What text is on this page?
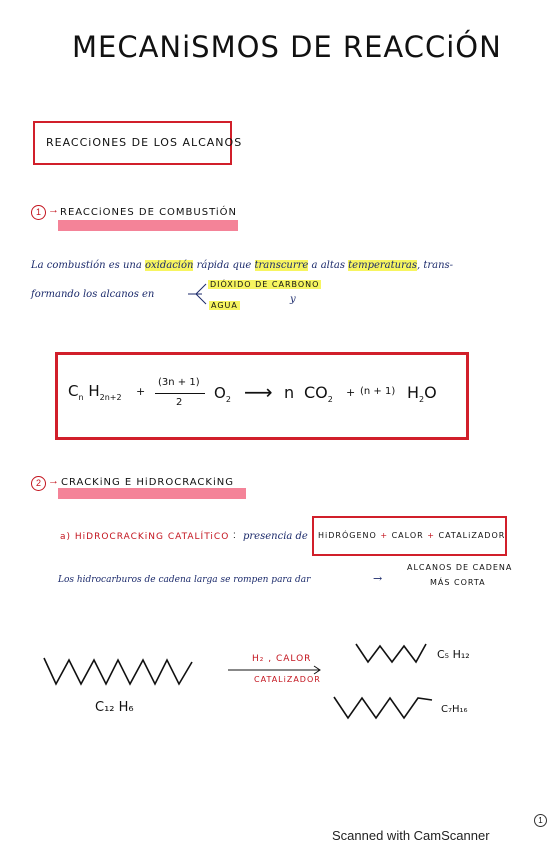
MECANiSMOS DE REACCiÓN
REACCiONES DE LOS ALCANOS
1 → REACCiONES DE COMBUSTiÓN
La combustión es una oxidación rápida que transcurre a altas temperaturas, trans-
formando los alcanos en
DIÓXIDO DE CARBONO
AGUA
y
$C_n$ $H_{2n+2}$ +
(3n + 1)
2
$O_2$ ⟶ n $CO_2$
+ (n + 1) $H_2O$
2 → CRACKiNG E HiDROCRACKiNG
a) HiDROCRACKiNG CATALÍTiCO : presencia de HiDRÓGENO + CALOR + CATALiZADOR
Los hidrocarburos de cadena larga se rompen para dar	→
ALCANOS DE CADENA
MÁS CORTA
C₁₂ H₆
H₂ , CALOR
CATALiZADOR
C₅ H₁₂
C₇H₁₆
1
Scanned with CamScanner
